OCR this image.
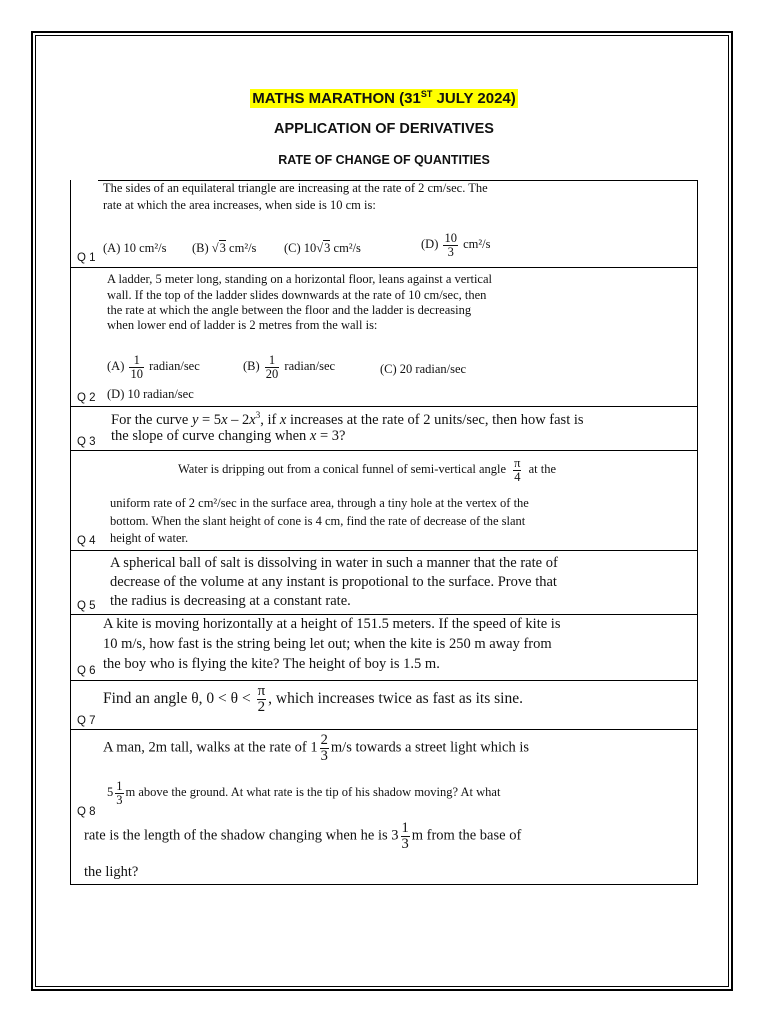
MATHS MARATHON (31ST JULY 2024)
APPLICATION OF DERIVATIVES
RATE OF CHANGE OF QUANTITIES
Q 1
The sides of an equilateral triangle are increasing at the rate of 2 cm/sec. The
rate at which the area increases, when side is 10 cm is:
(A) 10 cm²/s (B) √3 cm²/s (C) 10√3 cm²/s	$(D) \frac{10}{3} cm^2/s$
Q 2
A ladder, 5 meter long, standing on a horizontal floor, leans against a vertical
wall. If the top of the ladder slides downwards at the rate of 10 cm/sec, then
the rate at which the angle between the floor and the ladder is decreasing
when lower end of ladder is 2 metres from the wall is:
$(A) \frac{1}{10}$ radian/sec	$(B) \frac{1}{20}$ radian/sec	(C) 20 radian/sec
(D) 10 radian/sec
Q 3
For the curve $y = 5x - 2x^3$, if x increases at the rate of 2 units/sec, then how fast is
the slope of curve changing when x = 3?
Q 4
Water is dripping out from a conical funnel of semi-vertical angle $\frac{\pi}{4}$ at the
uniform rate of 2 cm²/sec in the surface area, through a tiny hole at the vertex of the
bottom. When the slant height of cone is 4 cm, find the rate of decrease of the slant
height of water.
Q 5
A spherical ball of salt is dissolving in water in such a manner that the rate of
decrease of the volume at any instant is propotional to the surface. Prove that
the radius is decreasing at a constant rate.
Q 6
A kite is moving horizontally at a height of 151.5 meters. If the speed of kite is
10 m/s, how fast is the string being let out; when the kite is 250 m away from
the boy who is flying the kite? The height of boy is 1.5 m.
Q 7
Find an angle θ, $0 < \theta < \frac{\pi}{2}$ , which increases twice as fast as its sine.
Q 8
A man, 2m tall, walks at the rate of $1 \frac{2}{3} m/s$ towards a street light which is
$5 \frac{1}{3}$ m above the ground. At what rate is the tip of his shadow moving? At what
rate is the length of the shadow changing when he is $3 \frac{1}{3}$ m from the base of
the light?
